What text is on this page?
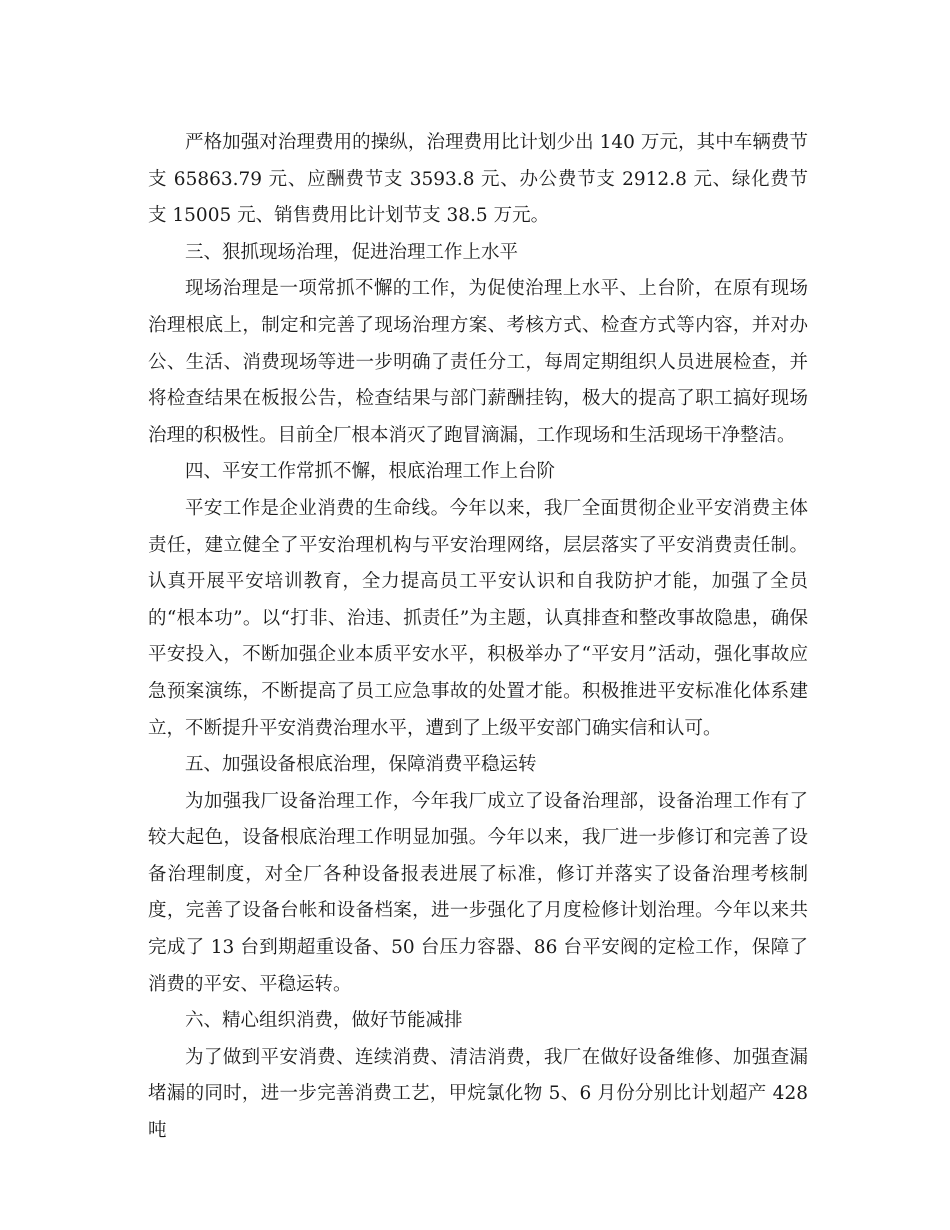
严格加强对治理费用的操纵，治理费用比计划少出 140 万元，其中车辆费节支 65863.79 元、应酬费节支 3593.8 元、办公费节支 2912.8 元、绿化费节支 15005 元、销售费用比计划节支 38.5 万元。

三、狠抓现场治理，促进治理工作上水平

现场治理是一项常抓不懈的工作，为促使治理上水平、上台阶，在原有现场治理根底上，制定和完善了现场治理方案、考核方式、检查方式等内容，并对办公、生活、消费现场等进一步明确了责任分工，每周定期组织人员进展检查，并将检查结果在板报公告，检查结果与部门薪酬挂钩，极大的提高了职工搞好现场治理的积极性。目前全厂根本消灭了跑冒滴漏，工作现场和生活现场干净整洁。

四、平安工作常抓不懈，根底治理工作上台阶

平安工作是企业消费的生命线。今年以来，我厂全面贯彻企业平安消费主体责任，建立健全了平安治理机构与平安治理网络，层层落实了平安消费责任制。认真开展平安培训教育，全力提高员工平安认识和自我防护才能，加强了全员的“根本功”。以“打非、治违、抓责任”为主题，认真排查和整改事故隐患，确保平安投入，不断加强企业本质平安水平，积极举办了“平安月”活动，强化事故应急预案演练，不断提高了员工应急事故的处置才能。积极推进平安标准化体系建立，不断提升平安消费治理水平，遭到了上级平安部门确实信和认可。

五、加强设备根底治理，保障消费平稳运转

为加强我厂设备治理工作，今年我厂成立了设备治理部，设备治理工作有了较大起色，设备根底治理工作明显加强。今年以来，我厂进一步修订和完善了设备治理制度，对全厂各种设备报表进展了标准，修订并落实了设备治理考核制度，完善了设备台帐和设备档案，进一步强化了月度检修计划治理。今年以来共完成了 13 台到期超重设备、50 台压力容器、86 台平安阀的定检工作，保障了消费的平安、平稳运转。

六、精心组织消费，做好节能减排

为了做到平安消费、连续消费、清洁消费，我厂在做好设备维修、加强查漏堵漏的同时，进一步完善消费工艺，甲烷氯化物 5、6 月份分别比计划超产 428 吨
